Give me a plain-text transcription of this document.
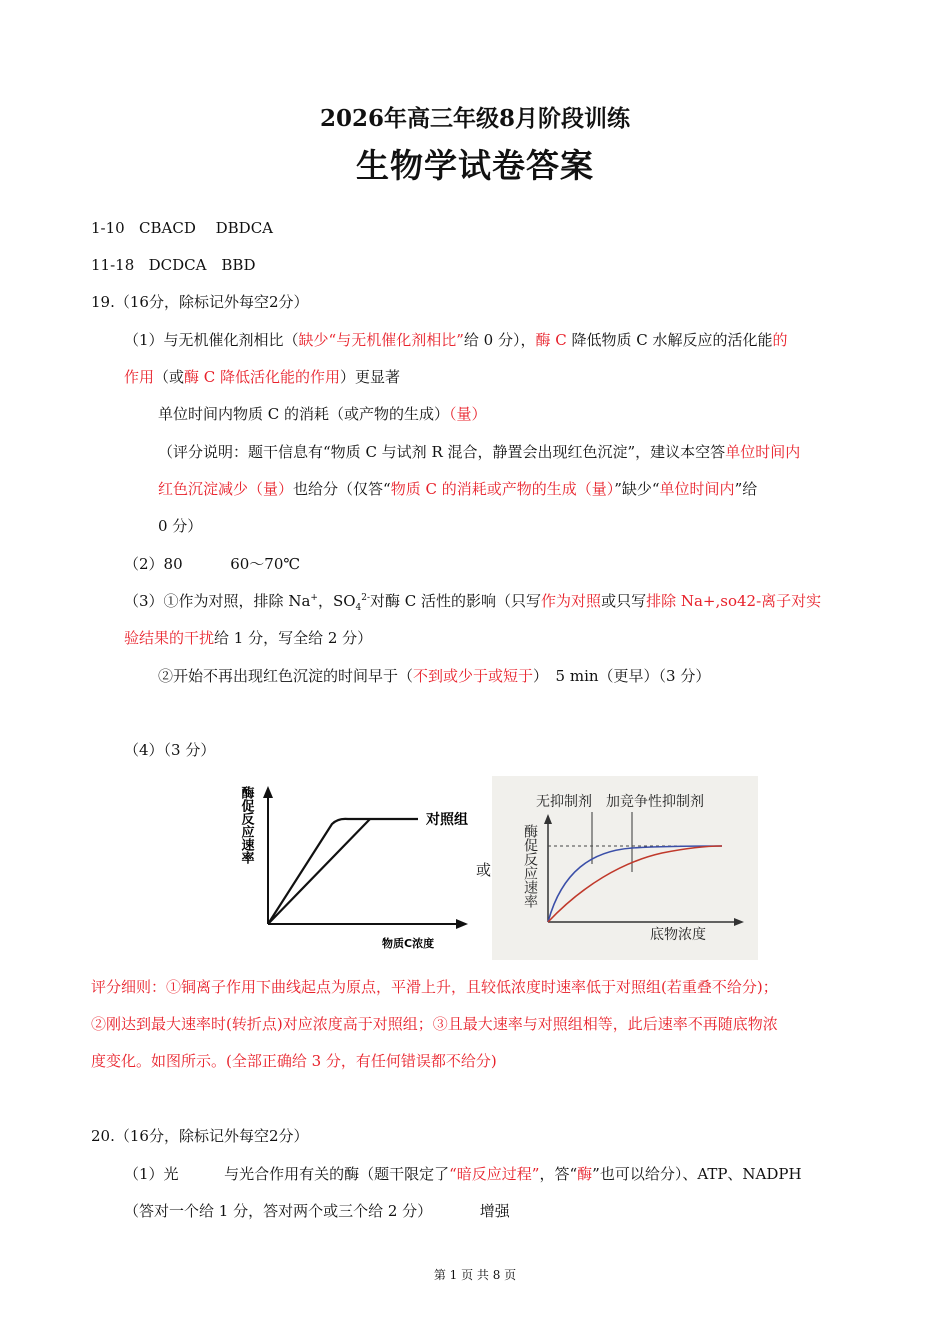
2026年高三年级8月阶段训练
生物学试卷答案
1-10 CBACD　 DBDCA
11-18 DCDCA　BBD
19.（16分，除标记外每空2分）
（1）与无机催化剂相比（缺少“与无机催化剂相比”给 0 分），酶 C 降低物质 C 水解反应的活化能的
作用（或酶 C 降低活化能的作用）更显著
单位时间内物质 C 的消耗（或产物的生成）（量）
（评分说明：题干信息有“物质 C 与试剂 R 混合，静置会出现红色沉淀”，建议本空答单位时间内
红色沉淀减少（量）也给分（仅答“物质 C 的消耗或产物的生成（量）”缺少“单位时间内”给
0 分）
（2）80	60～70℃
（3）①作为对照，排除 Na+，$SO_4^{2-}$对酶 C 活性的影响（只写作为对照或只写排除 Na+,so42-离子对实
验结果的干扰给 1 分，写全给 2 分）
②开始不再出现红色沉淀的时间早于（不到或少于或短于）　5 min（更早）（3 分）
（4）（3 分）
酶促反应速率	对照组
物质C浓度
或
无抑制剂 加竞争性抑制剂
酶促反应速率
底物浓度
评分细则：①铜离子作用下曲线起点为原点，平滑上升，且较低浓度时速率低于对照组(若重叠不给分)；
②刚达到最大速率时(转折点)对应浓度高于对照组；③且最大速率与对照组相等，此后速率不再随底物浓
度变化。如图所示。(全部正确给 3 分，有任何错误都不给分)
20.（16分，除标记外每空2分）
（1）光	与光合作用有关的酶（题干限定了“暗反应过程”，答“酶”也可以给分）、ATP、NADPH
（答对一个给 1 分，答对两个或三个给 2 分）	增强
第 1 页 共 8 页
